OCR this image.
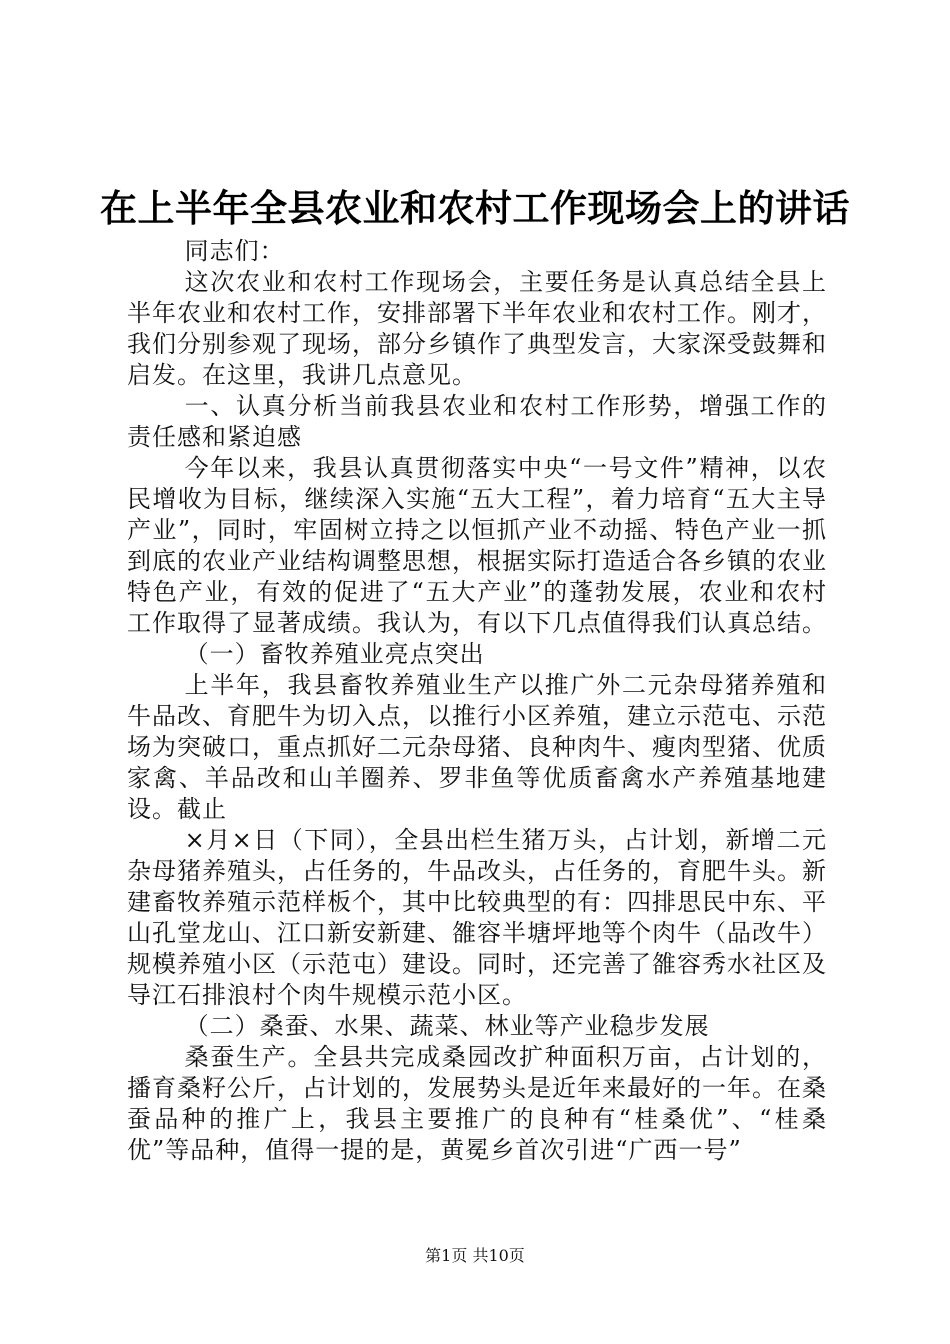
在上半年全县农业和农村工作现场会上的讲话

同志们：

这次农业和农村工作现场会，主要任务是认真总结全县上半年农业和农村工作，安排部署下半年农业和农村工作。刚才，我们分别参观了现场，部分乡镇作了典型发言，大家深受鼓舞和启发。在这里，我讲几点意见。

一、认真分析当前我县农业和农村工作形势，增强工作的责任感和紧迫感

今年以来，我县认真贯彻落实中央“一号文件”精神，以农民增收为目标，继续深入实施“五大工程”，着力培育“五大主导产业”，同时，牢固树立持之以恒抓产业不动摇、特色产业一抓到底的农业产业结构调整思想，根据实际打造适合各乡镇的农业特色产业，有效的促进了“五大产业”的蓬勃发展，农业和农村工作取得了显著成绩。我认为，有以下几点值得我们认真总结。

（一）畜牧养殖业亮点突出

上半年，我县畜牧养殖业生产以推广外二元杂母猪养殖和牛品改、育肥牛为切入点，以推行小区养殖，建立示范屯、示范场为突破口，重点抓好二元杂母猪、良种肉牛、瘦肉型猪、优质家禽、羊品改和山羊圈养、罗非鱼等优质畜禽水产养殖基地建设。截止

×月×日（下同），全县出栏生猪万头，占计划，新增二元杂母猪养殖头，占任务的，牛品改头，占任务的，育肥牛头。新建畜牧养殖示范样板个，其中比较典型的有：四排思民中东、平山孔堂龙山、江口新安新建、雒容半塘坪地等个肉牛（品改牛）规模养殖小区（示范屯）建设。同时，还完善了雒容秀水社区及导江石排浪村个肉牛规模示范小区。

（二）桑蚕、水果、蔬菜、林业等产业稳步发展

桑蚕生产。全县共完成桑园改扩种面积万亩，占计划的，播育桑籽公斤，占计划的，发展势头是近年来最好的一年。在桑蚕品种的推广上，我县主要推广的良种有“桂桑优”、“桂桑优”等品种，值得一提的是，黄冕乡首次引进“广西一号”

第1页 共10页
